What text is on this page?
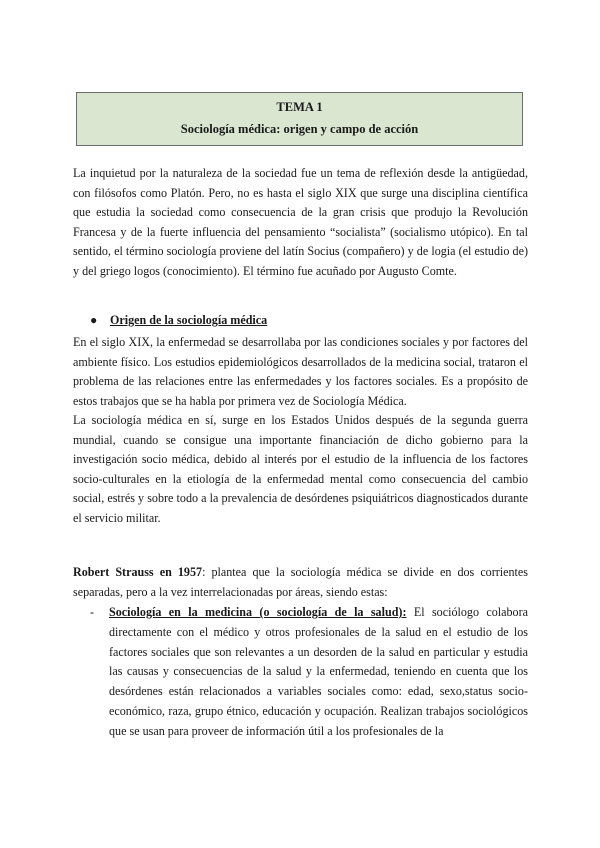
TEMA 1
Sociología médica: origen y campo de acción

La inquietud por la naturaleza de la sociedad fue un tema de reflexión desde la antigüedad, con filósofos como Platón. Pero, no es hasta el siglo XIX que surge una disciplina científica que estudia la sociedad como consecuencia de la gran crisis que produjo la Revolución Francesa y de la fuerte influencia del pensamiento “socialista” (socialismo utópico). En tal sentido, el término sociología proviene del latín Socius (compañero) y de logia (el estudio de) y del griego logos (conocimiento). El término fue acuñado por Augusto Comte.

● Origen de la sociología médica

En el siglo XIX, la enfermedad se desarrollaba por las condiciones sociales y por factores del ambiente físico. Los estudios epidemiológicos desarrollados de la medicina social, trataron el problema de las relaciones entre las enfermedades y los factores sociales. Es a propósito de estos trabajos que se ha habla por primera vez de Sociología Médica.

La sociología médica en sí, surge en los Estados Unidos después de la segunda guerra mundial, cuando se consigue una importante financiación de dicho gobierno para la investigación socio médica, debido al interés por el estudio de la influencia de los factores socio-culturales en la etiología de la enfermedad mental como consecuencia del cambio social, estrés y sobre todo a la prevalencia de desórdenes psiquiátricos diagnosticados durante el servicio militar.

Robert Strauss en 1957: plantea que la sociología médica se divide en dos corrientes separadas, pero a la vez interrelacionadas por áreas, siendo estas:

- Sociología en la medicina (o sociología de la salud): El sociólogo colabora directamente con el médico y otros profesionales de la salud en el estudio de los factores sociales que son relevantes a un desorden de la salud en particular y estudia las causas y consecuencias de la salud y la enfermedad, teniendo en cuenta que los desórdenes están relacionados a variables sociales como: edad, sexo,status socio-económico, raza, grupo étnico, educación y ocupación. Realizan trabajos sociológicos que se usan para proveer de información útil a los profesionales de la
